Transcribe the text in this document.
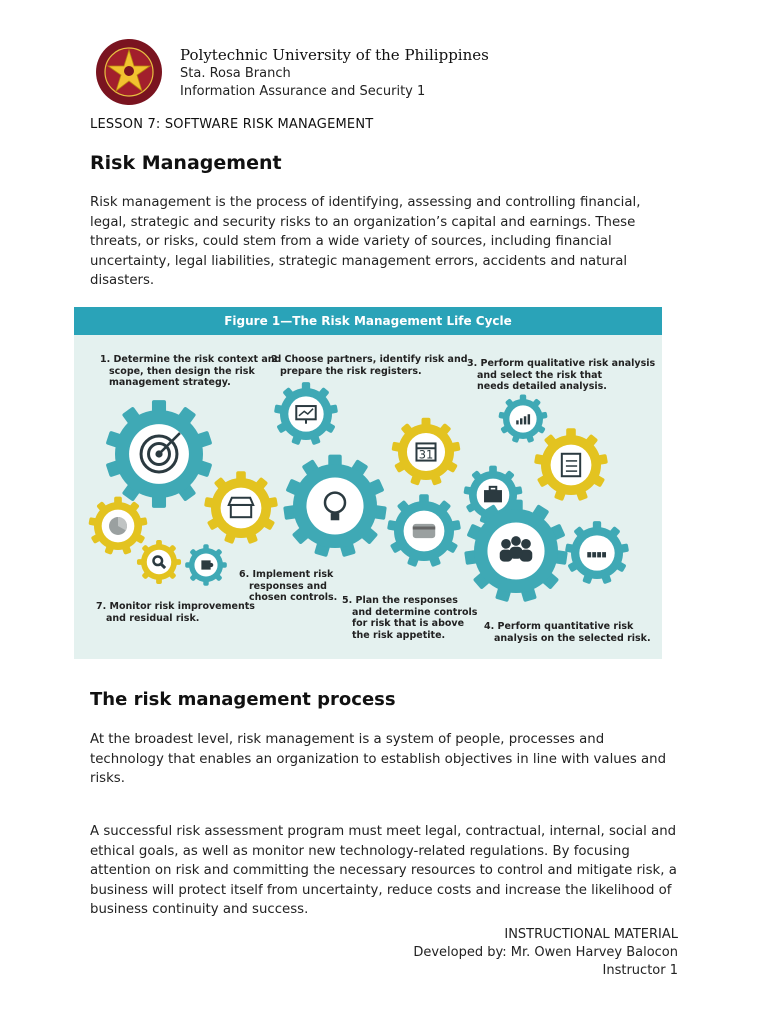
Polytechnic University of the Philippines
Sta. Rosa Branch
Information Assurance and Security 1
LESSON 7: SOFTWARE RISK MANAGEMENT
Risk Management

Risk management is the process of identifying, assessing and controlling financial, legal, strategic and security risks to an organization’s capital and earnings. These threats, or risks, could stem from a wide variety of sources, including financial uncertainty, legal liabilities, strategic management errors, accidents and natural disasters.

Figure 1—The Risk Management Life Cycle
31
1. Determine the risk context and
scope, then design the risk
management strategy.
2. Choose partners, identify risk and
prepare the risk registers.
3. Perform qualitative risk analysis
and select the risk that
needs detailed analysis.
4. Perform quantitative risk
analysis on the selected risk.
5. Plan the responses
and determine controls
for risk that is above
the risk appetite.
6. Implement risk
responses and
chosen controls.
7. Monitor risk improvements
and residual risk.
The risk management process

At the broadest level, risk management is a system of people, processes and technology that enables an organization to establish objectives in line with values and risks.

A successful risk assessment program must meet legal, contractual, internal, social and ethical goals, as well as monitor new technology-related regulations. By focusing attention on risk and committing the necessary resources to control and mitigate risk, a business will protect itself from uncertainty, reduce costs and increase the likelihood of business continuity and success.

INSTRUCTIONAL MATERIAL
Developed by: Mr. Owen Harvey Balocon
Instructor 1
